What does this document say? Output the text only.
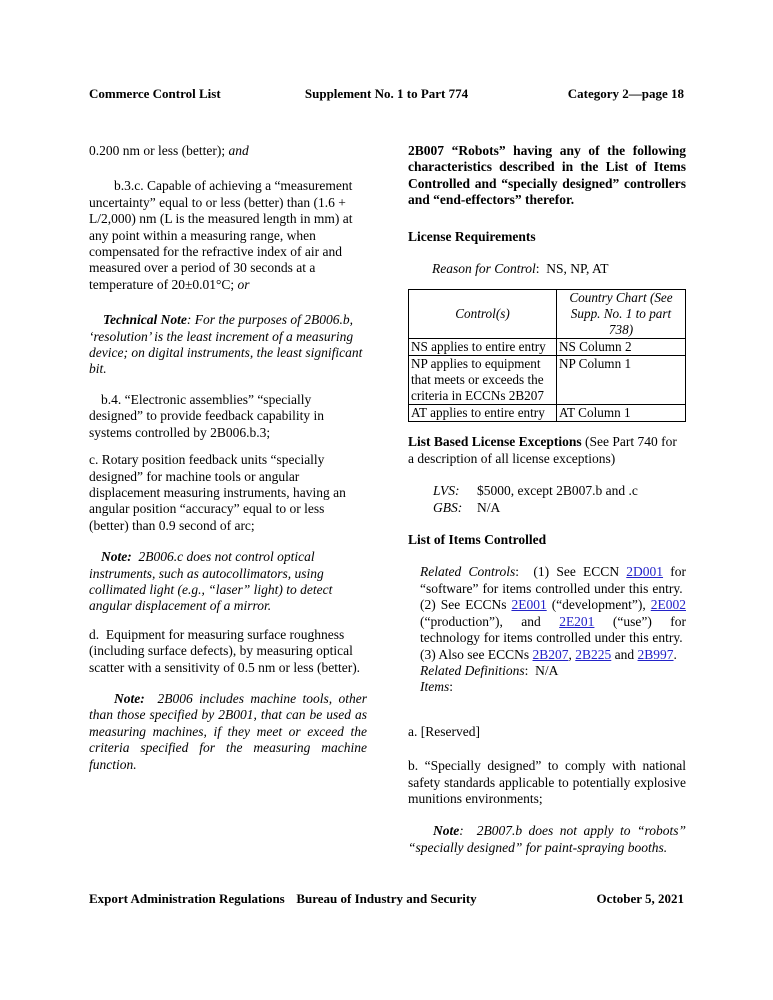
Commerce Control List	Supplement No. 1 to Part 774	Category 2—page 18

0.200 nm or less (better); and

b.3.c. Capable of achieving a “measurement uncertainty” equal to or less (better) than (1.6 + L/2,000) nm (L is the measured length in mm) at any point within a measuring range, when compensated for the refractive index of air and measured over a period of 30 seconds at a temperature of 20±0.01°C; or

Technical Note: For the purposes of 2B006.b, ‘resolution’ is the least increment of a measuring device; on digital instruments, the least significant bit.

b.4. “Electronic assemblies” “specially designed” to provide feedback capability in systems controlled by 2B006.b.3;

c. Rotary position feedback units “specially designed” for machine tools or angular displacement measuring instruments, having an angular position “accuracy” equal to or less (better) than 0.9 second of arc;

Note:  2B006.c does not control optical instruments, such as autocollimators, using collimated light (e.g., “laser” light) to detect angular displacement of a mirror.

d.  Equipment for measuring surface roughness (including surface defects), by measuring optical scatter with a sensitivity of 0.5 nm or less (better).

Note:  2B006 includes machine tools, other than those specified by 2B001, that can be used as measuring machines, if they meet or exceed the criteria specified for the measuring machine function.

2B007 “Robots” having any of the following characteristics described in the List of Items Controlled and “specially designed” controllers and “end-effectors” therefor.

License Requirements

Reason for Control:  NS, NP, AT

Control(s)	Country Chart (See Supp. No. 1 to part 738)
NS applies to entire entry	NS Column 2
NP applies to equipment that meets or exceeds the criteria in ECCNs 2B207	NP Column 1
AT applies to entire entry	AT Column 1

List Based License Exceptions (See Part 740 for a description of all license exceptions)

LVS: $5000, except 2B007.b and .c
GBS: N/A

List of Items Controlled

Related Controls:  (1) See ECCN 2D001 for “software” for items controlled under this entry.  (2) See ECCNs 2E001 (“development”), 2E002 (“production”), and 2E201 (“use”) for technology for items controlled under this entry.  (3) Also see ECCNs 2B207, 2B225 and 2B997.

Related Definitions:  N/A
Items:

a. [Reserved]

b. “Specially designed” to comply with national safety standards applicable to potentially explosive munitions environments;

Note:  2B007.b does not apply to “robots” “specially designed” for paint-spraying booths.

Export Administration Regulations Bureau of Industry and Security	October 5, 2021
